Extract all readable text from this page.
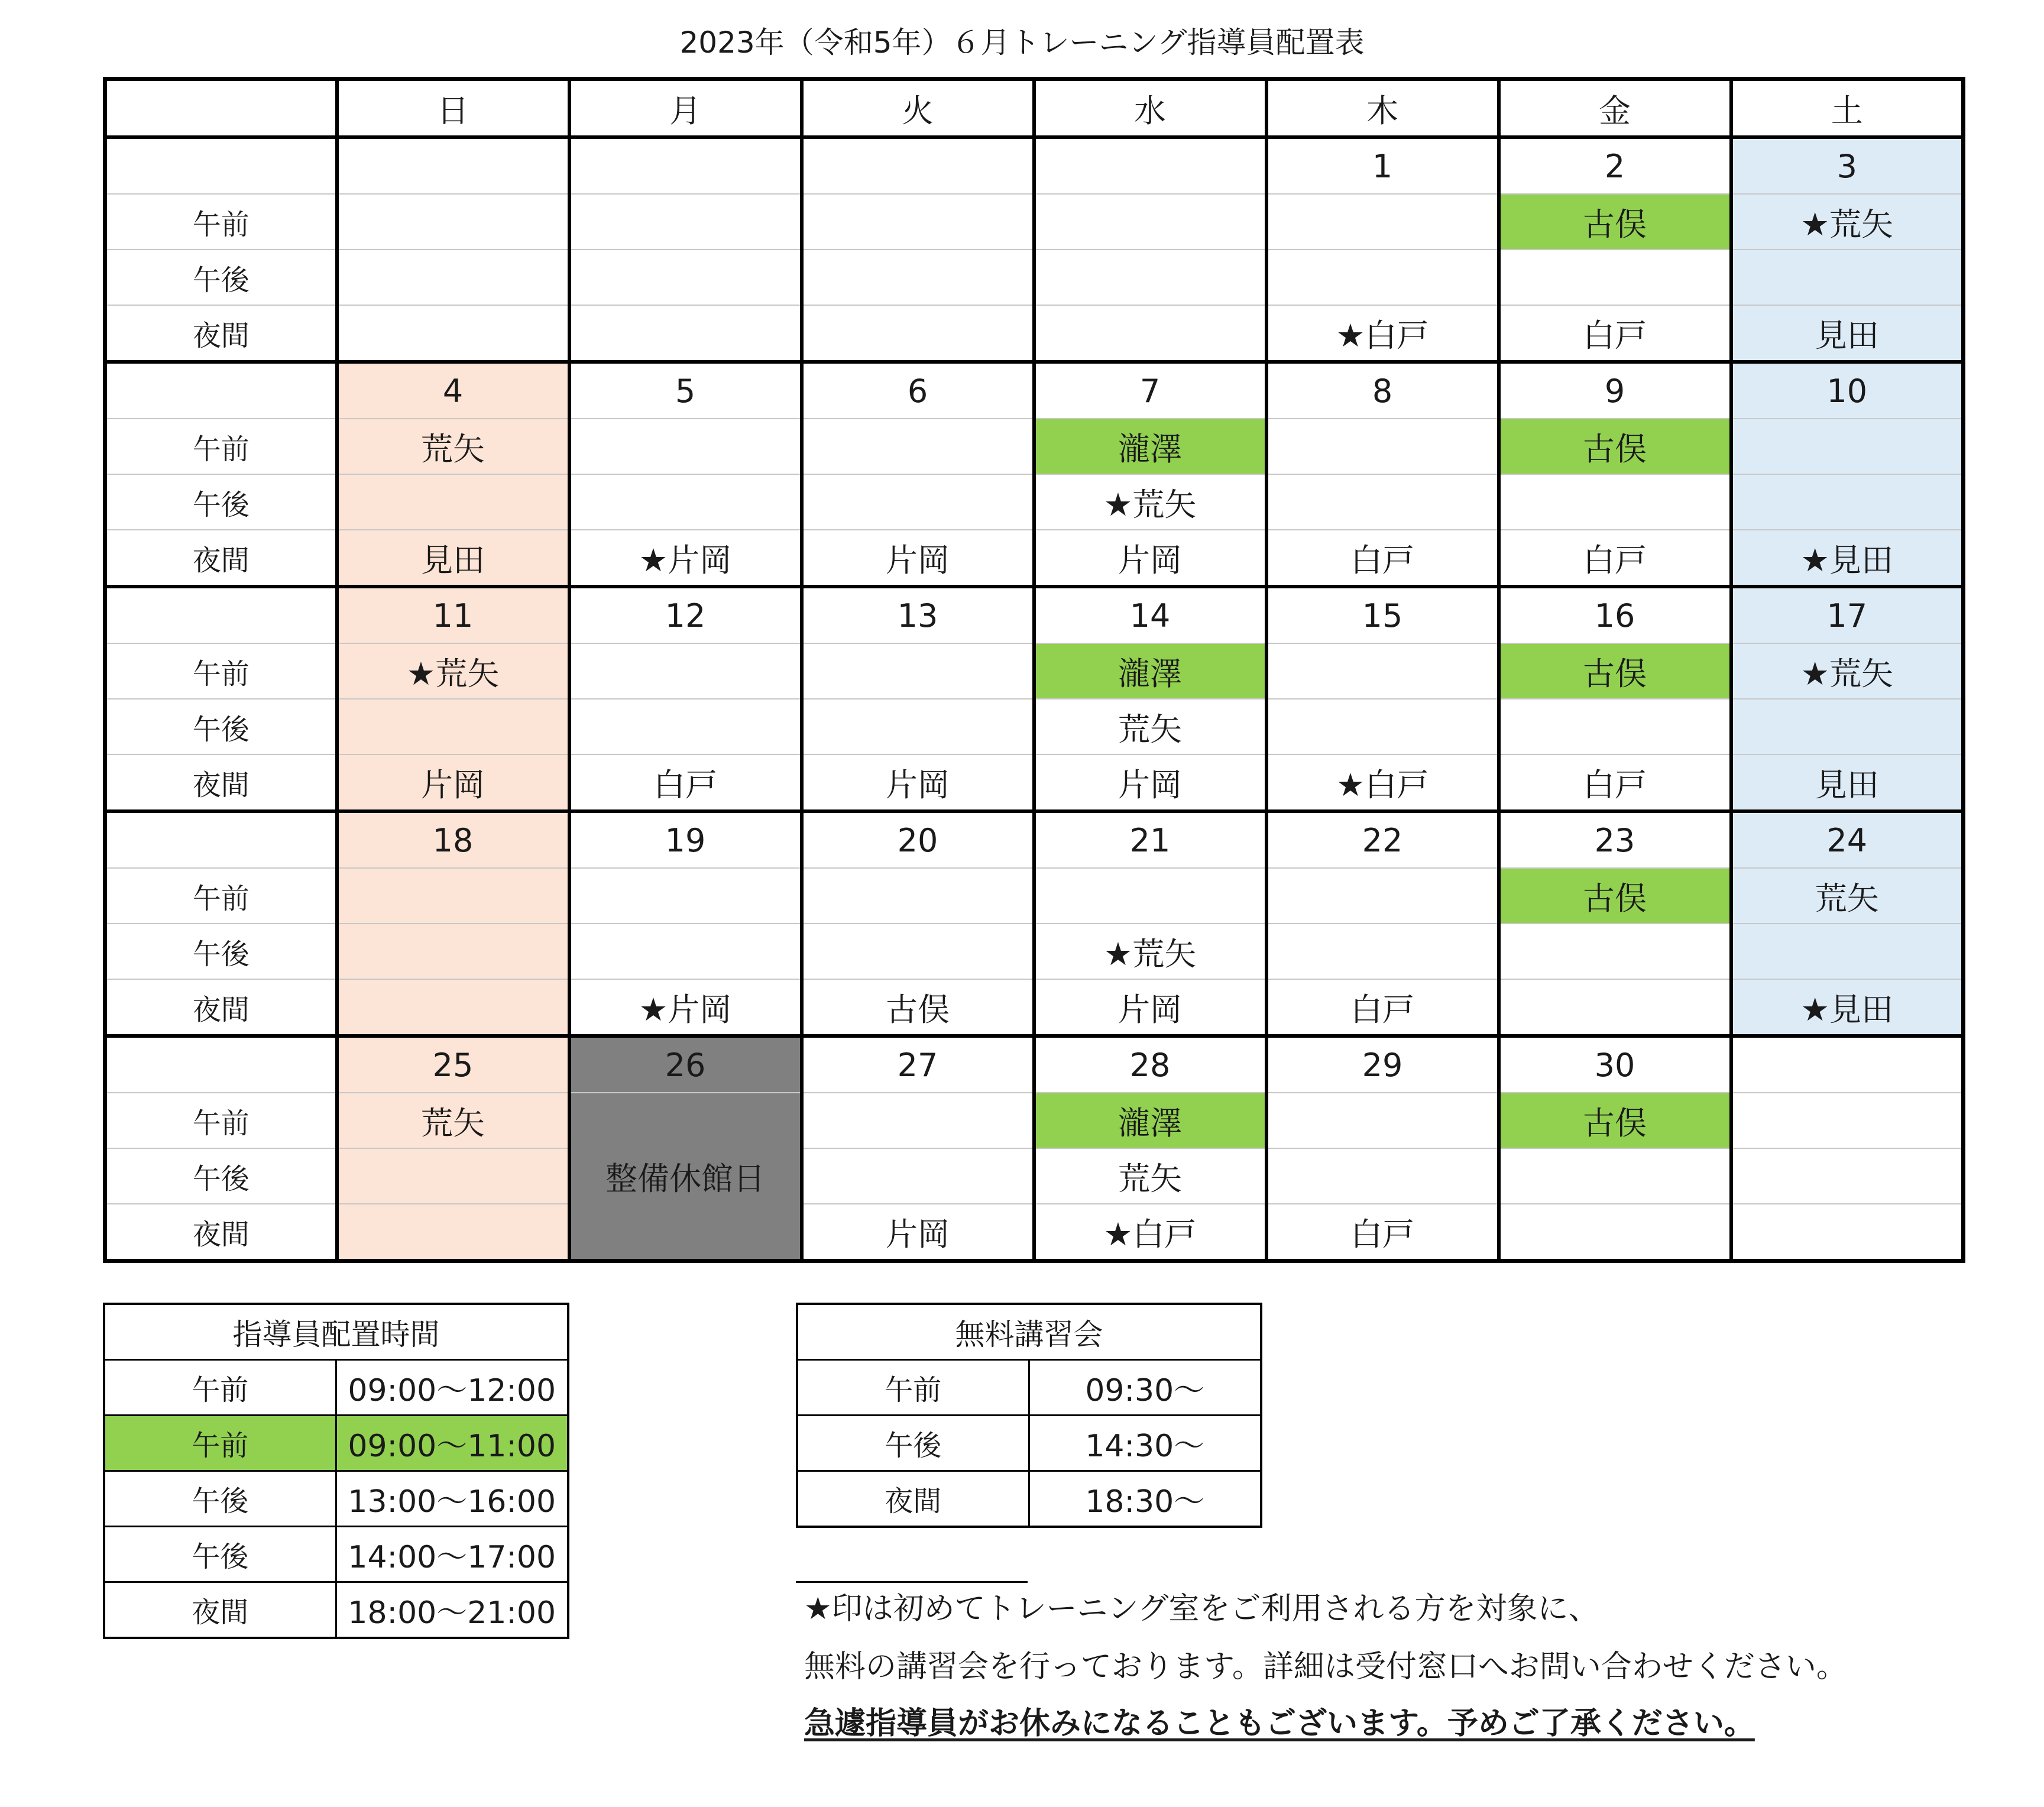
2023年（令和5年）６月トレーニング指導員配置表
	日	月	火	水	木	金	土
					1	2	3
午前						古俣	★荒矢
午後							
夜間					★白戸	白戸	見田
	4	5	6	7	8	9	10
午前	荒矢			瀧澤		古俣	
午後				★荒矢			
夜間	見田	★片岡	片岡	片岡	白戸	白戸	★見田
	11	12	13	14	15	16	17
午前	★荒矢			瀧澤		古俣	★荒矢
午後				荒矢			
夜間	片岡	白戸	片岡	片岡	★白戸	白戸	見田
	18	19	20	21	22	23	24
午前						古俣	荒矢
午後				★荒矢			
夜間		★片岡	古俣	片岡	白戸		★見田
	25	26	27	28	29	30	
午前	荒矢	整備休館日		瀧澤		古俣	
午後				荒矢			
夜間			片岡	★白戸	白戸		
指導員配置時間	
午前	09:00～12:00
午前	09:00～11:00
午後	13:00～16:00
午後	14:00～17:00
夜間	18:00～21:00
無料講習会	
午前	09:30～
午後	14:30～
夜間	18:30～
★印は初めてトレーニング室をご利用される方を対象に、
無料の講習会を行っております。詳細は受付窓口へお問い合わせください。
急遽指導員がお休みになることもございます。予めご了承ください。
